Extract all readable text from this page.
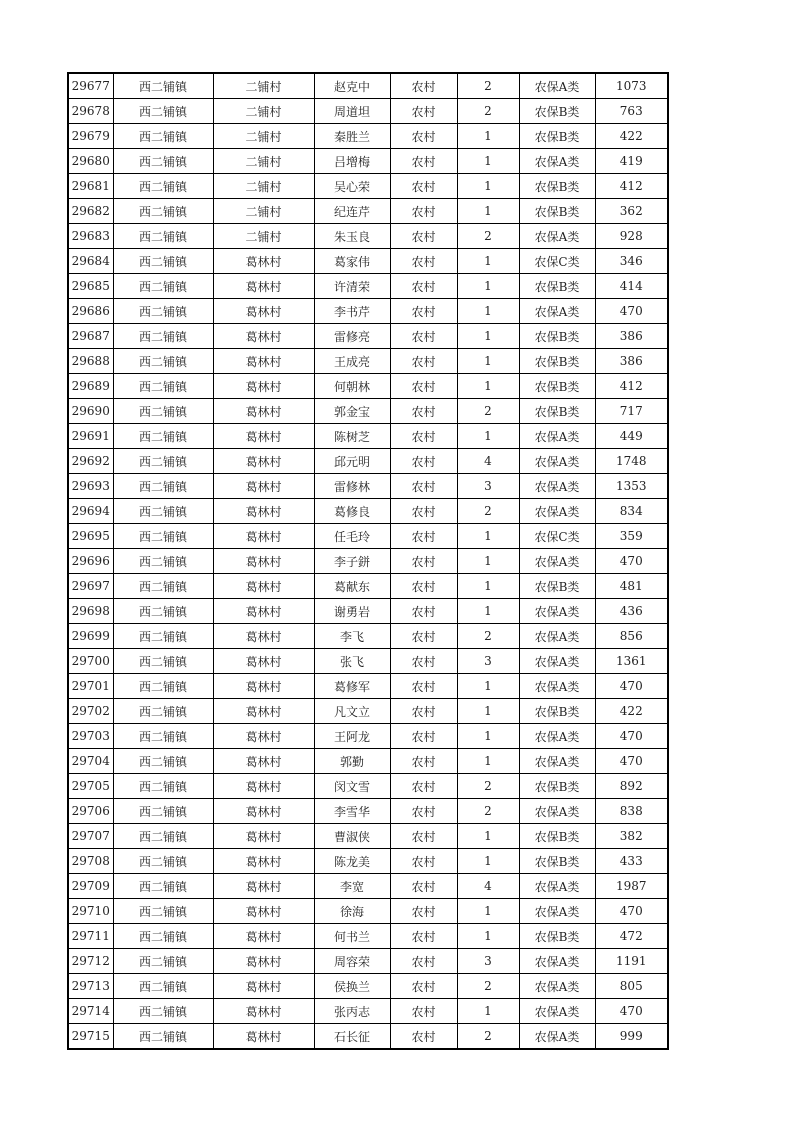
29677	西二铺镇	二铺村	赵克中	农村	2	农保A类	1073
29678	西二铺镇	二铺村	周道坦	农村	2	农保B类	763
29679	西二铺镇	二铺村	秦胜兰	农村	1	农保B类	422
29680	西二铺镇	二铺村	吕增梅	农村	1	农保A类	419
29681	西二铺镇	二铺村	吴心荣	农村	1	农保B类	412
29682	西二铺镇	二铺村	纪连芹	农村	1	农保B类	362
29683	西二铺镇	二铺村	朱玉良	农村	2	农保A类	928
29684	西二铺镇	葛林村	葛家伟	农村	1	农保C类	346
29685	西二铺镇	葛林村	许清荣	农村	1	农保B类	414
29686	西二铺镇	葛林村	李书芹	农村	1	农保A类	470
29687	西二铺镇	葛林村	雷修亮	农村	1	农保B类	386
29688	西二铺镇	葛林村	王成亮	农村	1	农保B类	386
29689	西二铺镇	葛林村	何朝林	农村	1	农保B类	412
29690	西二铺镇	葛林村	郭金宝	农村	2	农保B类	717
29691	西二铺镇	葛林村	陈树芝	农村	1	农保A类	449
29692	西二铺镇	葛林村	邱元明	农村	4	农保A类	1748
29693	西二铺镇	葛林村	雷修林	农村	3	农保A类	1353
29694	西二铺镇	葛林村	葛修良	农村	2	农保A类	834
29695	西二铺镇	葛林村	任毛玲	农村	1	农保C类	359
29696	西二铺镇	葛林村	李子鉼	农村	1	农保A类	470
29697	西二铺镇	葛林村	葛献东	农村	1	农保B类	481
29698	西二铺镇	葛林村	谢勇岩	农村	1	农保A类	436
29699	西二铺镇	葛林村	李飞	农村	2	农保A类	856
29700	西二铺镇	葛林村	张飞	农村	3	农保A类	1361
29701	西二铺镇	葛林村	葛修军	农村	1	农保A类	470
29702	西二铺镇	葛林村	凡文立	农村	1	农保B类	422
29703	西二铺镇	葛林村	王阿龙	农村	1	农保A类	470
29704	西二铺镇	葛林村	郭勤	农村	1	农保A类	470
29705	西二铺镇	葛林村	闵文雪	农村	2	农保B类	892
29706	西二铺镇	葛林村	李雪华	农村	2	农保A类	838
29707	西二铺镇	葛林村	曹淑侠	农村	1	农保B类	382
29708	西二铺镇	葛林村	陈龙美	农村	1	农保B类	433
29709	西二铺镇	葛林村	李宽	农村	4	农保A类	1987
29710	西二铺镇	葛林村	徐海	农村	1	农保A类	470
29711	西二铺镇	葛林村	何书兰	农村	1	农保B类	472
29712	西二铺镇	葛林村	周容荣	农村	3	农保A类	1191
29713	西二铺镇	葛林村	侯换兰	农村	2	农保A类	805
29714	西二铺镇	葛林村	张丙志	农村	1	农保A类	470
29715	西二铺镇	葛林村	石长征	农村	2	农保A类	999
